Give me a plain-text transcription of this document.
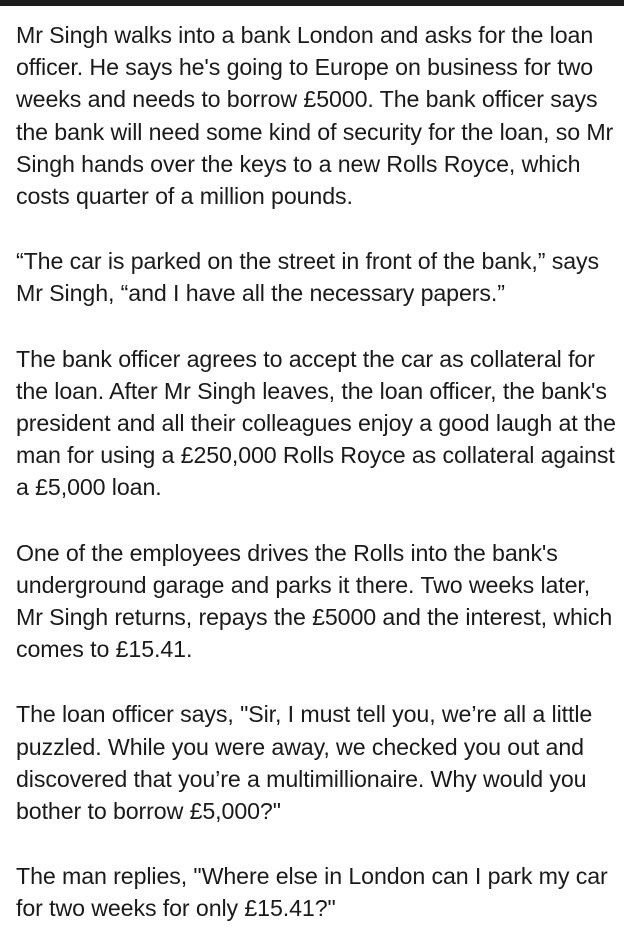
Mr Singh walks into a bank London and asks for the loan officer. He says he's going to Europe on business for two weeks and needs to borrow £5000. The bank officer says the bank will need some kind of security for the loan, so Mr Singh hands over the keys to a new Rolls Royce, which costs quarter of a million pounds.

“The car is parked on the street in front of the bank,” says Mr Singh, “and I have all the necessary papers.”

The bank officer agrees to accept the car as collateral for the loan. After Mr Singh leaves, the loan officer, the bank's president and all their colleagues enjoy a good laugh at the man for using a £250,000 Rolls Royce as collateral against a £5,000 loan.

One of the employees drives the Rolls into the bank's underground garage and parks it there. Two weeks later, Mr Singh returns, repays the £5000 and the interest, which comes to £15.41.

The loan officer says, "Sir, I must tell you, we’re all a little puzzled. While you were away, we checked you out and discovered that you’re a multimillionaire. Why would you bother to borrow £5,000?"

The man replies, "Where else in London can I park my car for two weeks for only £15.41?"
